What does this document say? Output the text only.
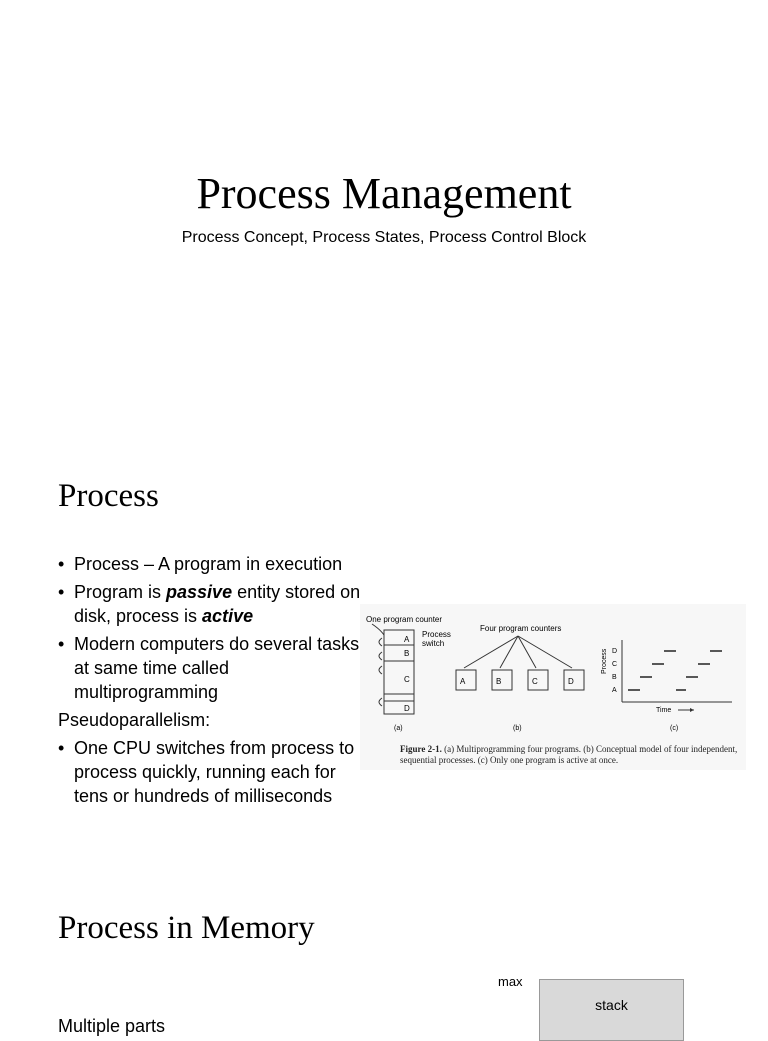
Process Management
Process Concept, Process States, Process Control Block
Process
• Process – A program in execution
• Program is passive entity stored on disk, process is active
• Modern computers do several tasks at same time called multiprogramming
Pseudoparallelism:
• One CPU switches from process to process quickly, running each for tens or hundreds of milliseconds
One program counter
A
B
C
D
Process
switch
(a)
Four program counters
A	B	C	D
(b)
Process D
C
B
A
Time
(c)
Figure 2-1. (a) Multiprogramming four programs. (b) Conceptual model of four independent, sequential processes. (c) Only one program is active at once.
Process in Memory
Multiple parts
max
stack
